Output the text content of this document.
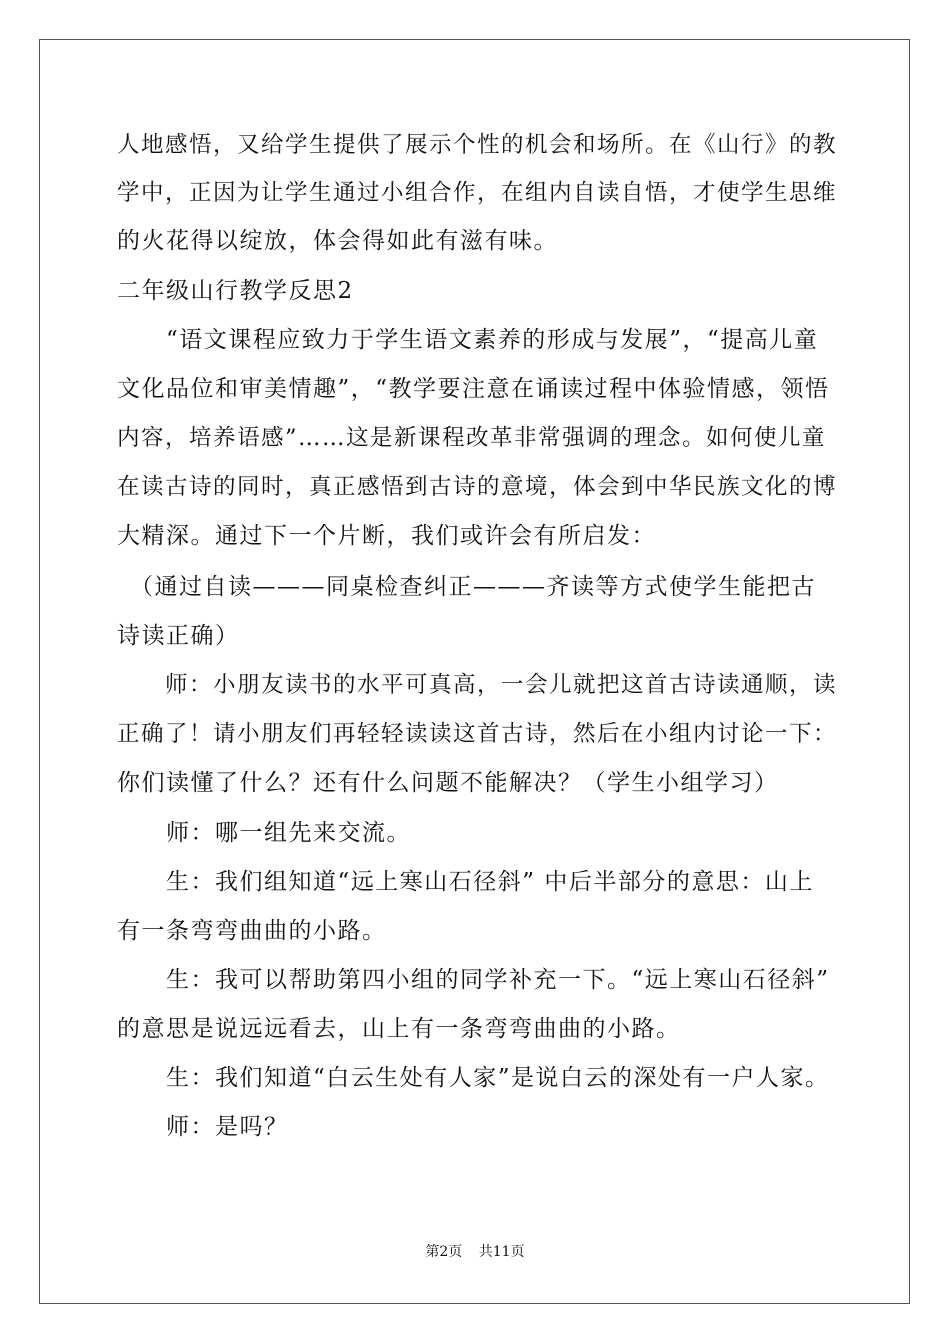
人地感悟，又给学生提供了展示个性的机会和场所。在《山行》的教
学中，正因为让学生通过小组合作，在组内自读自悟，才使学生思维
的火花得以绽放，体会得如此有滋有味。
二年级山行教学反思2
　　“语文课程应致力于学生语文素养的形成与发展”，“提高儿童
文化品位和审美情趣”，“教学要注意在诵读过程中体验情感，领悟
内容，培养语感”……这是新课程改革非常强调的理念。如何使儿童
在读古诗的同时，真正感悟到古诗的意境，体会到中华民族文化的博
大精深。通过下一个片断，我们或许会有所启发：
　（通过自读———同桌检查纠正———齐读等方式使学生能把古
诗读正确）
　　师：小朋友读书的水平可真高，一会儿就把这首古诗读通顺，读
正确了！请小朋友们再轻轻读读这首古诗，然后在小组内讨论一下：
你们读懂了什么？还有什么问题不能解决？（学生小组学习）
　　师：哪一组先来交流。
　　生：我们组知道“远上寒山石径斜” 中后半部分的意思：山上
有一条弯弯曲曲的小路。
　　生：我可以帮助第四小组的同学补充一下。“远上寒山石径斜”
的意思是说远远看去，山上有一条弯弯曲曲的小路。
　　生：我们知道“白云生处有人家”是说白云的深处有一户人家。
　　师：是吗？
第2页 共11页
